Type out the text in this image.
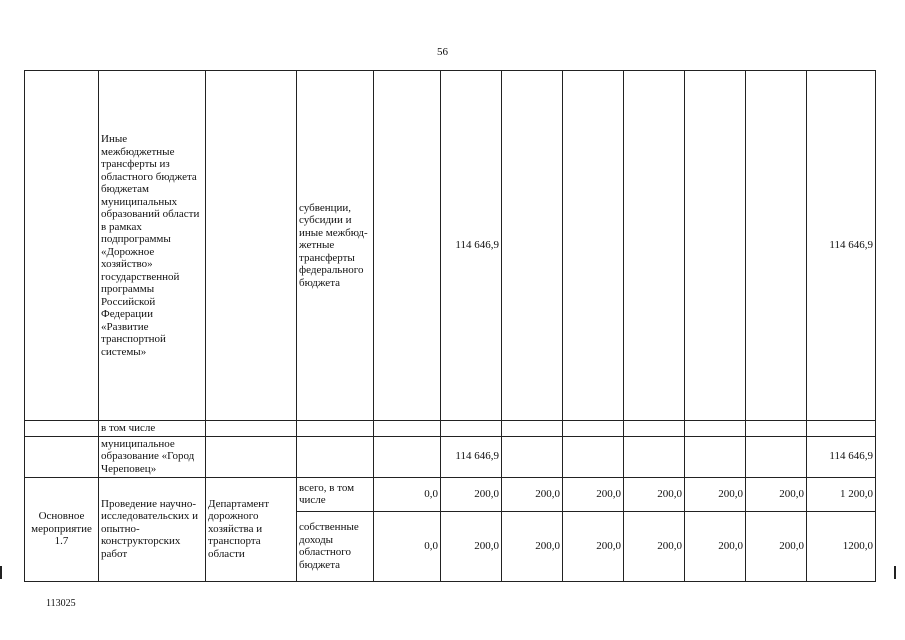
56
	Иные межбюджетные трансферты из областного бюджета бюджетам муниципальных образований области в рамках подпрограммы «Дорожное хозяйство» государственной программы Российской Федерации «Развитие транспортной системы»		субвенции, субсидии и иные межбюд-жетные трансферты федерального бюджета		114 646,9						114 646,9
	в том числе										
	муниципальное образование «Город Череповец»				114 646,9						114 646,9
Основное мероприятие 1.7	Проведение научно-исследовательских и опытно-конструкторских работ	Департамент дорожного хозяйства и транспорта области	всего, в том числе	0,0	200,0	200,0	200,0	200,0	200,0	200,0	1 200,0
			собственные доходы областного бюджета	0,0	200,0	200,0	200,0	200,0	200,0	200,0	1200,0
113025
